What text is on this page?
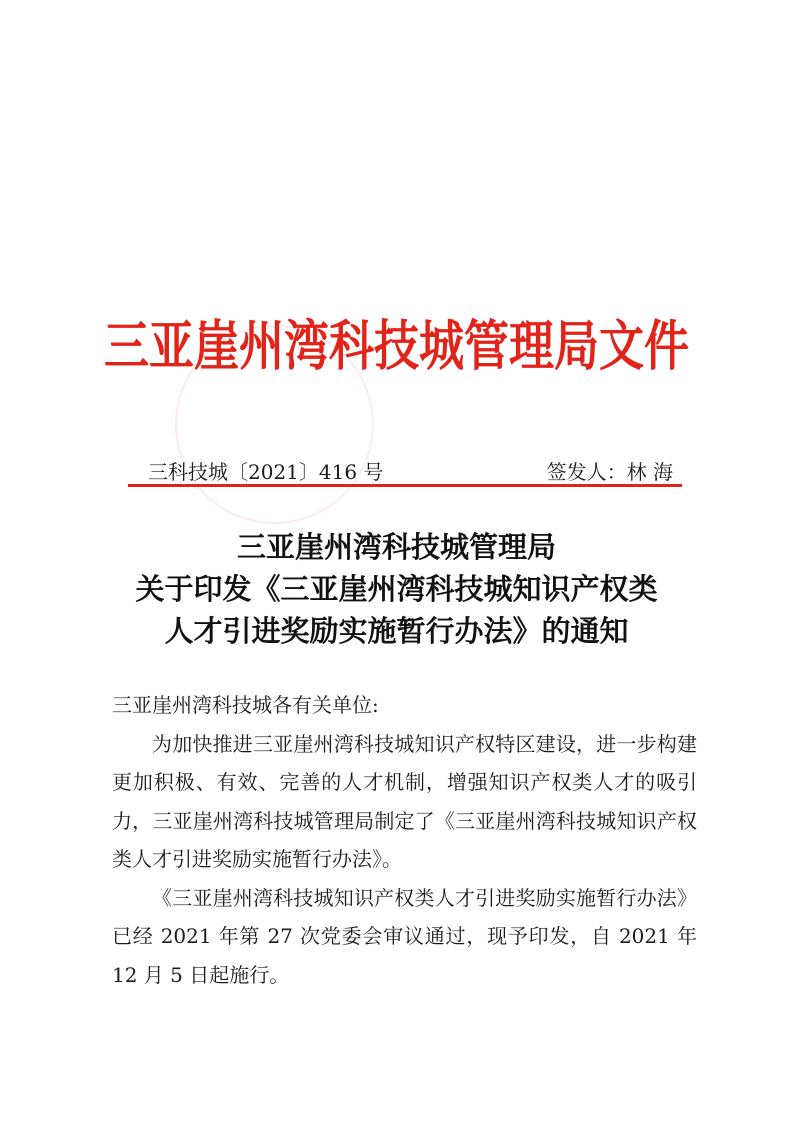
三亚崖州湾科技城管理局文件
三科技城〔2021〕416 号	签发人：林 海
三亚崖州湾科技城管理局
关于印发《三亚崖州湾科技城知识产权类
人才引进奖励实施暂行办法》的通知

三亚崖州湾科技城各有关单位:

为加快推进三亚崖州湾科技城知识产权特区建设，进一步构建更加积极、有效、完善的人才机制，增强知识产权类人才的吸引力，三亚崖州湾科技城管理局制定了《三亚崖州湾科技城知识产权类人才引进奖励实施暂行办法》。

《三亚崖州湾科技城知识产权类人才引进奖励实施暂行办法》已经 2021 年第 27 次党委会审议通过，现予印发，自 2021 年 12 月 5 日起施行。
